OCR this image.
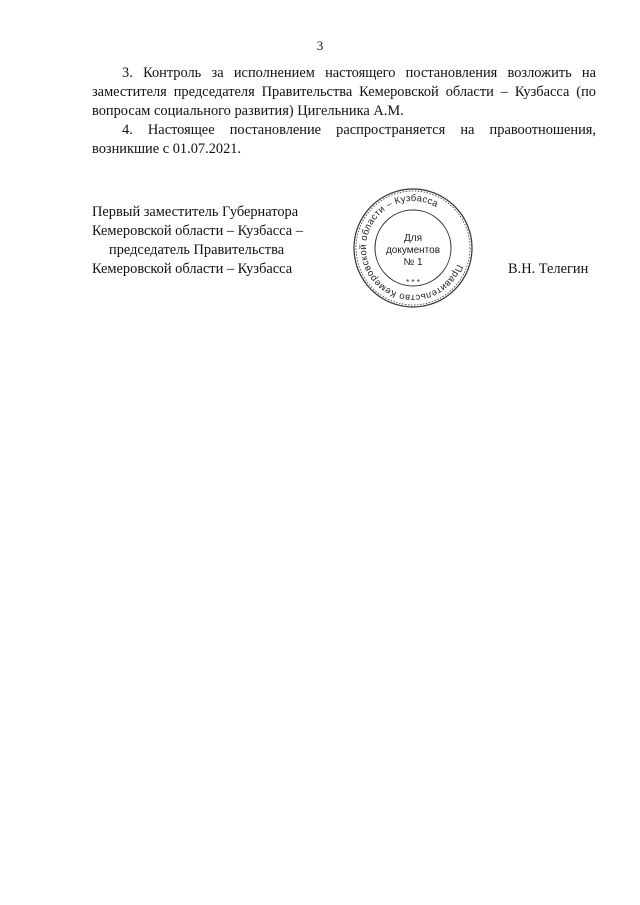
3

3. Контроль за исполнением настоящего постановления возложить на заместителя председателя Правительства Кемеровской области – Кузбасса (по вопросам социального развития) Цигельника А.М.

4. Настоящее постановление распространяется на правоотношения, возникшие с 01.07.2021.

Первый заместитель Губернатора
Кемеровской области – Кузбасса –
председатель Правительства
Кемеровской области – Кузбасса	В.Н. Телегин
Правительство Кемеровской области – Кузбасса
* * *
Для
документов
№ 1
